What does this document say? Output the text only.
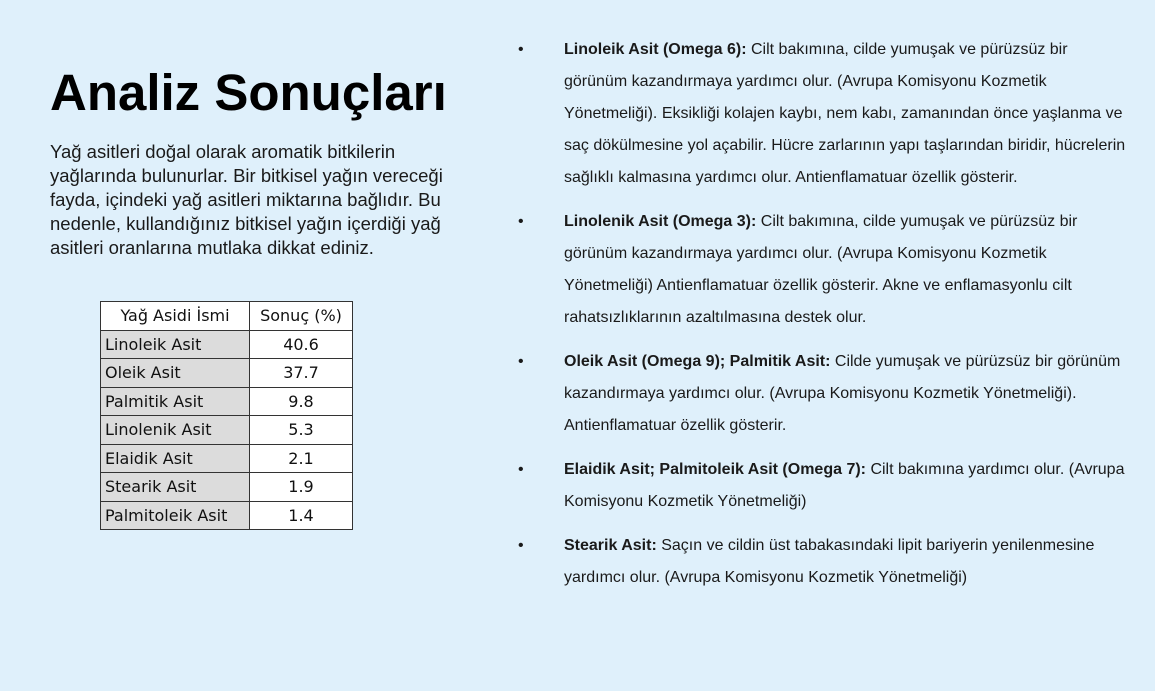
Analiz Sonuçları

Yağ asitleri doğal olarak aromatik bitkilerin yağlarında bulunurlar. Bir bitkisel yağın vereceği fayda, içindeki yağ asitleri miktarına bağlıdır. Bu nedenle, kullandığınız bitkisel yağın içerdiği yağ asitleri oranlarına mutlaka dikkat ediniz.

Yağ Asidi İsmi	Sonuç (%)
Linoleik Asit	40.6
Oleik Asit	37.7
Palmitik Asit	9.8
Linolenik Asit	5.3
Elaidik Asit	2.1
Stearik Asit	1.9
Palmitoleik Asit	1.4
•	Linoleik Asit (Omega 6): Cilt bakımına, cilde yumuşak ve pürüzsüz bir görünüm kazandırmaya yardımcı olur. (Avrupa Komisyonu Kozmetik Yönetmeliği). Eksikliği kolajen kaybı, nem kabı, zamanından önce yaşlanma ve saç dökülmesine yol açabilir. Hücre zarlarının yapı taşlarından biridir, hücrelerin sağlıklı kalmasına yardımcı olur. Antienflamatuar özellik gösterir.
•	Linolenik Asit (Omega 3): Cilt bakımına, cilde yumuşak ve pürüzsüz bir görünüm kazandırmaya yardımcı olur. (Avrupa Komisyonu Kozmetik Yönetmeliği) Antienflamatuar özellik gösterir. Akne ve enflamasyonlu cilt rahatsızlıklarının azaltılmasına destek olur.
•	Oleik Asit (Omega 9); Palmitik Asit: Cilde yumuşak ve pürüzsüz bir görünüm kazandırmaya yardımcı olur. (Avrupa Komisyonu Kozmetik Yönetmeliği). Antienflamatuar özellik gösterir.
•	Elaidik Asit; Palmitoleik Asit (Omega 7): Cilt bakımına yardımcı olur. (Avrupa Komisyonu Kozmetik Yönetmeliği)
•	Stearik Asit: Saçın ve cildin üst tabakasındaki lipit bariyerin yenilenmesine yardımcı olur. (Avrupa Komisyonu Kozmetik Yönetmeliği)
